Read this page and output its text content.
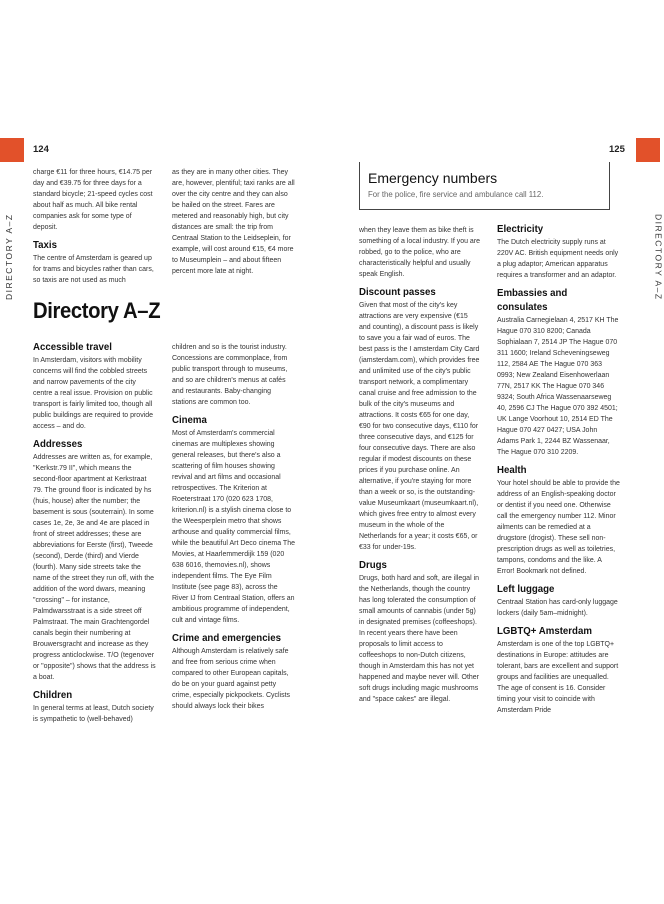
124
DIRECTORY A–Z

charge €11 for three hours, €14.75 per day and €39.75 for three days for a standard bicycle; 21-speed cycles cost about half as much. All bike rental companies ask for some type of deposit.

Taxis

The centre of Amsterdam is geared up for trams and bicycles rather than cars, so taxis are not used as much

as they are in many other cities. They are, however, plentiful; taxi ranks are all over the city centre and they can also be hailed on the street. Fares are metered and reasonably high, but city distances are small: the trip from Centraal Station to the Leidseplein, for example, will cost around €15, €4 more to Museumplein – and about fifteen percent more late at night.

Directory A–Z
Accessible travel

In Amsterdam, visitors with mobility concerns will find the cobbled streets and narrow pavements of the city centre a real issue. Provision on public transport is fairly limited too, though all public buildings are required to provide access – and do.

Addresses

Addresses are written as, for example, "Kerkstr.79 II", which means the second-floor apartment at Kerkstraat 79. The ground floor is indicated by hs (huis, house) after the number; the basement is sous (souterrain). In some cases 1e, 2e, 3e and 4e are placed in front of street addresses; these are abbreviations for Eerste (first), Tweede (second), Derde (third) and Vierde (fourth). Many side streets take the name of the street they run off, with the addition of the word dwars, meaning "crossing" – for instance, Palmdwarsstraat is a side street off Palmstraat. The main Grachtengordel canals begin their numbering at Brouwersgracht and increase as they progress anticlockwise. T/O (tegenover or "opposite") shows that the address is a boat.

Children

In general terms at least, Dutch society is sympathetic to (well-behaved)

children and so is the tourist industry. Concessions are commonplace, from public transport through to museums, and so are children's menus at cafés and restaurants. Baby-changing stations are common too.

Cinema

Most of Amsterdam's commercial cinemas are multiplexes showing general releases, but there's also a scattering of film houses showing revival and art films and occasional retrospectives. The Kriterion at Roeterstraat 170 (020 623 1708, kriterion.nl) is a stylish cinema close to the Weesperplein metro that shows arthouse and quality commercial films, while the beautiful Art Deco cinema The Movies, at Haarlemmerdijk 159 (020 638 6016, themovies.nl), shows independent films. The Eye Film Institute (see page 83), across the River IJ from Centraal Station, offers an ambitious programme of independent, cult and vintage films.

Crime and emergencies

Although Amsterdam is relatively safe and free from serious crime when compared to other European capitals, do be on your guard against petty crime, especially pickpockets. Cyclists should always lock their bikes

125
DIRECTORY A–Z
Emergency numbers
For the police, fire service and ambulance call 112.

when they leave them as bike theft is something of a local industry. If you are robbed, go to the police, who are characteristically helpful and usually speak English.

Discount passes

Given that most of the city's key attractions are very expensive (€15 and counting), a discount pass is likely to save you a fair wad of euros. The best pass is the I amsterdam City Card (iamsterdam.com), which provides free and unlimited use of the city's public transport network, a complimentary canal cruise and free admission to the bulk of the city's museums and attractions. It costs €65 for one day, €90 for two consecutive days, €110 for three consecutive days, and €125 for four consecutive days. There are also regular if modest discounts on these prices if you purchase online. An alternative, if you're staying for more than a week or so, is the outstanding-value Museumkaart (museumkaart.nl), which gives free entry to almost every museum in the whole of the Netherlands for a year; it costs €65, or €33 for under-19s.

Drugs

Drugs, both hard and soft, are illegal in the Netherlands, though the country has long tolerated the consumption of small amounts of cannabis (under 5g) in designated premises (coffeeshops). In recent years there have been proposals to limit access to coffeeshops to non-Dutch citizens, though in Amsterdam this has not yet happened and maybe never will. Other soft drugs including magic mushrooms and "space cakes" are illegal.

Electricity

The Dutch electricity supply runs at 220V AC. British equipment needs only a plug adaptor; American apparatus requires a transformer and an adaptor.

Embassies and consulates

Australia Carnegielaan 4, 2517 KH The Hague 070 310 8200; Canada Sophialaan 7, 2514 JP The Hague 070 311 1600; Ireland Scheveningseweg 112, 2584 AE The Hague 070 363 0993; New Zealand Eisenhowerlaan 77N, 2517 KK The Hague 070 346 9324; South Africa Wassenaarseweg 40, 2596 CJ The Hague 070 392 4501; UK Lange Voorhout 10, 2514 ED The Hague 070 427 0427; USA John Adams Park 1, 2244 BZ Wassenaar, The Hague 070 310 2209.

Health

Your hotel should be able to provide the address of an English-speaking doctor or dentist if you need one. Otherwise call the emergency number 112. Minor ailments can be remedied at a drugstore (drogist). These sell non-prescription drugs as well as toiletries, tampons, condoms and the like. A Error! Bookmark not defined.

Left luggage

Centraal Station has card-only luggage lockers (daily 5am–midnight).

LGBTQ+ Amsterdam

Amsterdam is one of the top LGBTQ+ destinations in Europe: attitudes are tolerant, bars are excellent and support groups and facilities are unequalled. The age of consent is 16. Consider timing your visit to coincide with Amsterdam Pride
